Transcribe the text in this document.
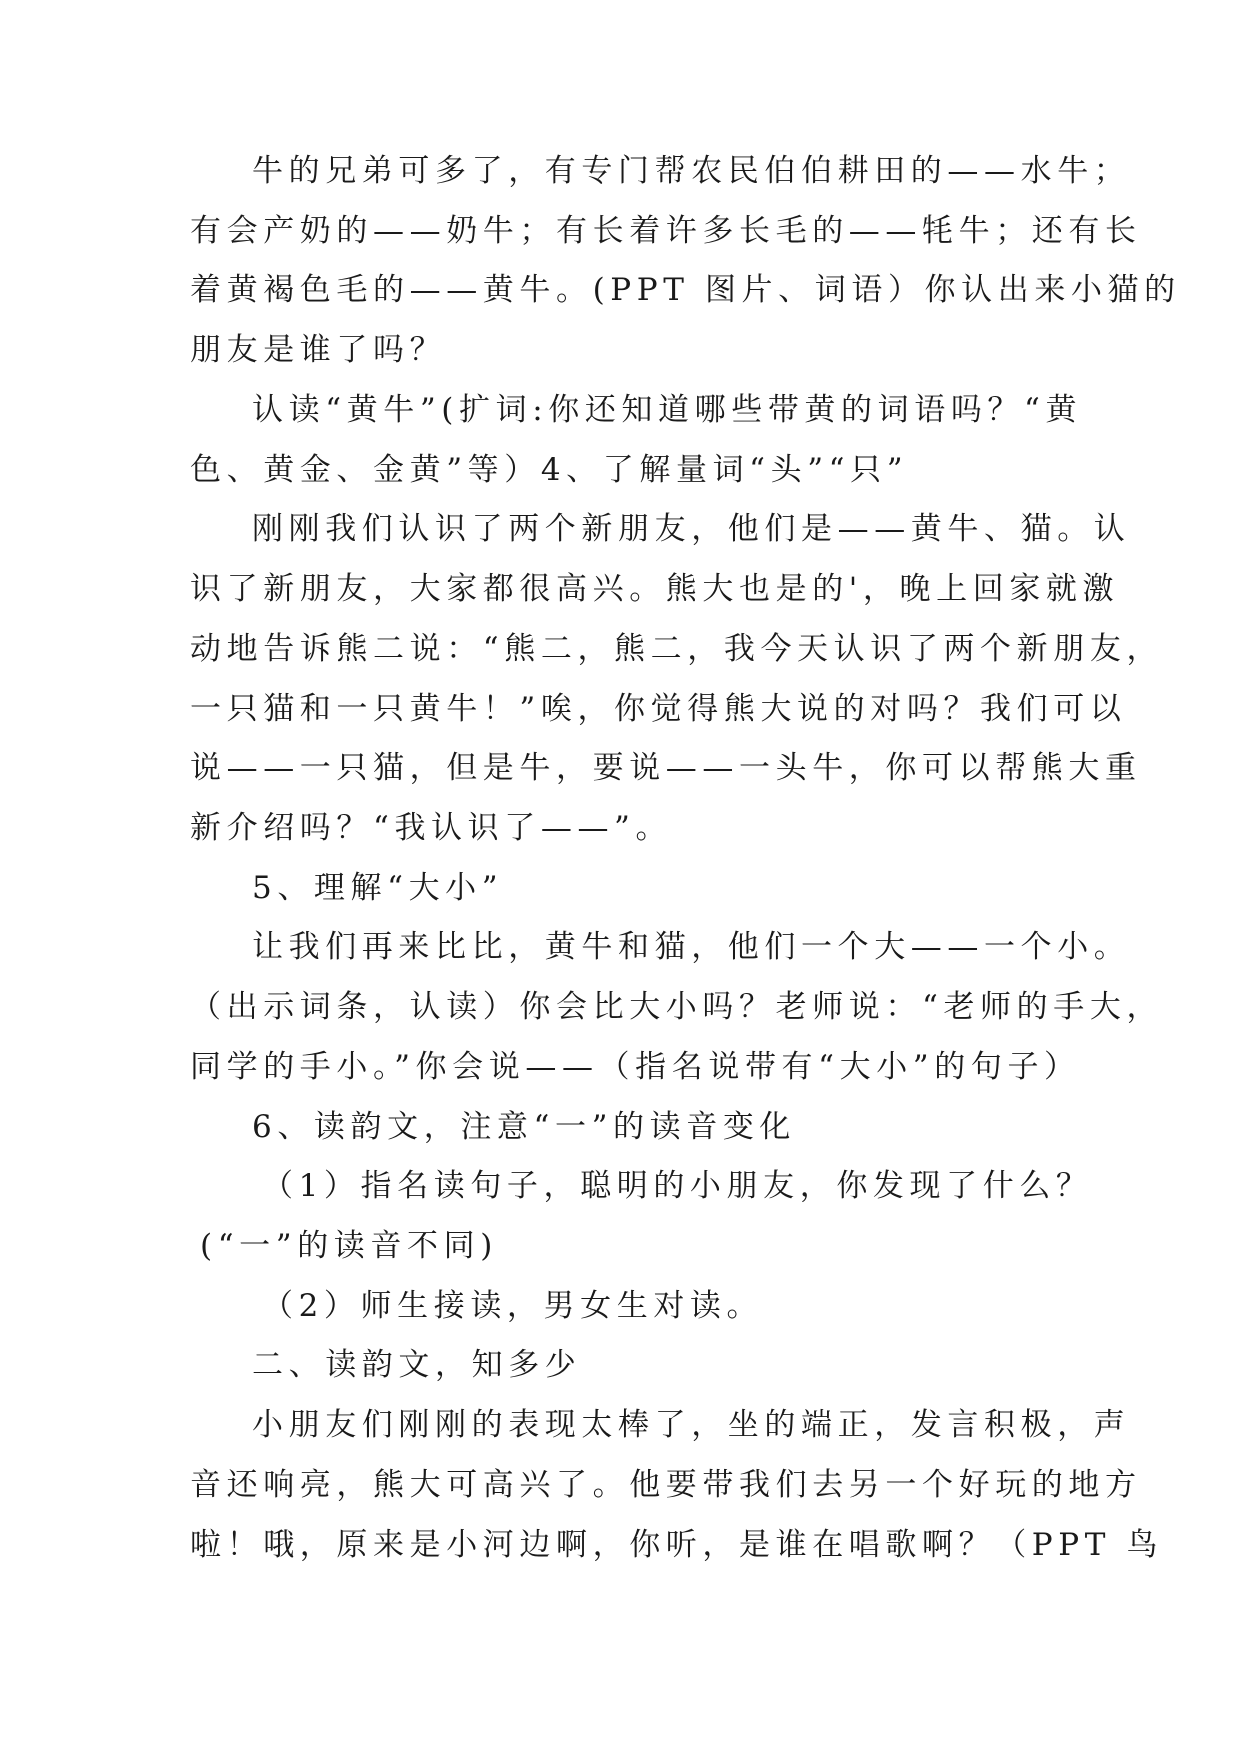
牛的兄弟可多了，有专门帮农民伯伯耕田的——水牛；
有会产奶的——奶牛；有长着许多长毛的——牦牛；还有长
着黄褐色毛的——黄牛。(PPT 图片、词语）你认出来小猫的
朋友是谁了吗？
认读“黄牛”(扩词:你还知道哪些带黄的词语吗？“黄
色、黄金、金黄”等）4、了解量词“头”“只”
刚刚我们认识了两个新朋友，他们是——黄牛、猫。认
识了新朋友，大家都很高兴。熊大也是的'，晚上回家就激
动地告诉熊二说：“熊二，熊二，我今天认识了两个新朋友，
一只猫和一只黄牛！”唉，你觉得熊大说的对吗？我们可以
说——一只猫，但是牛，要说——一头牛，你可以帮熊大重
新介绍吗？“我认识了——”。
5、理解“大小”
让我们再来比比，黄牛和猫，他们一个大——一个小。
（出示词条，认读）你会比大小吗？老师说：“老师的手大，
同学的手小。”你会说——（指名说带有“大小”的句子）
6、读韵文，注意“一”的读音变化
（1）指名读句子，聪明的小朋友，你发现了什么？
(“一”的读音不同)
（2）师生接读，男女生对读。
二、读韵文，知多少
小朋友们刚刚的表现太棒了，坐的端正，发言积极，声
音还响亮，熊大可高兴了。他要带我们去另一个好玩的地方
啦！哦，原来是小河边啊，你听，是谁在唱歌啊？（PPT 鸟
